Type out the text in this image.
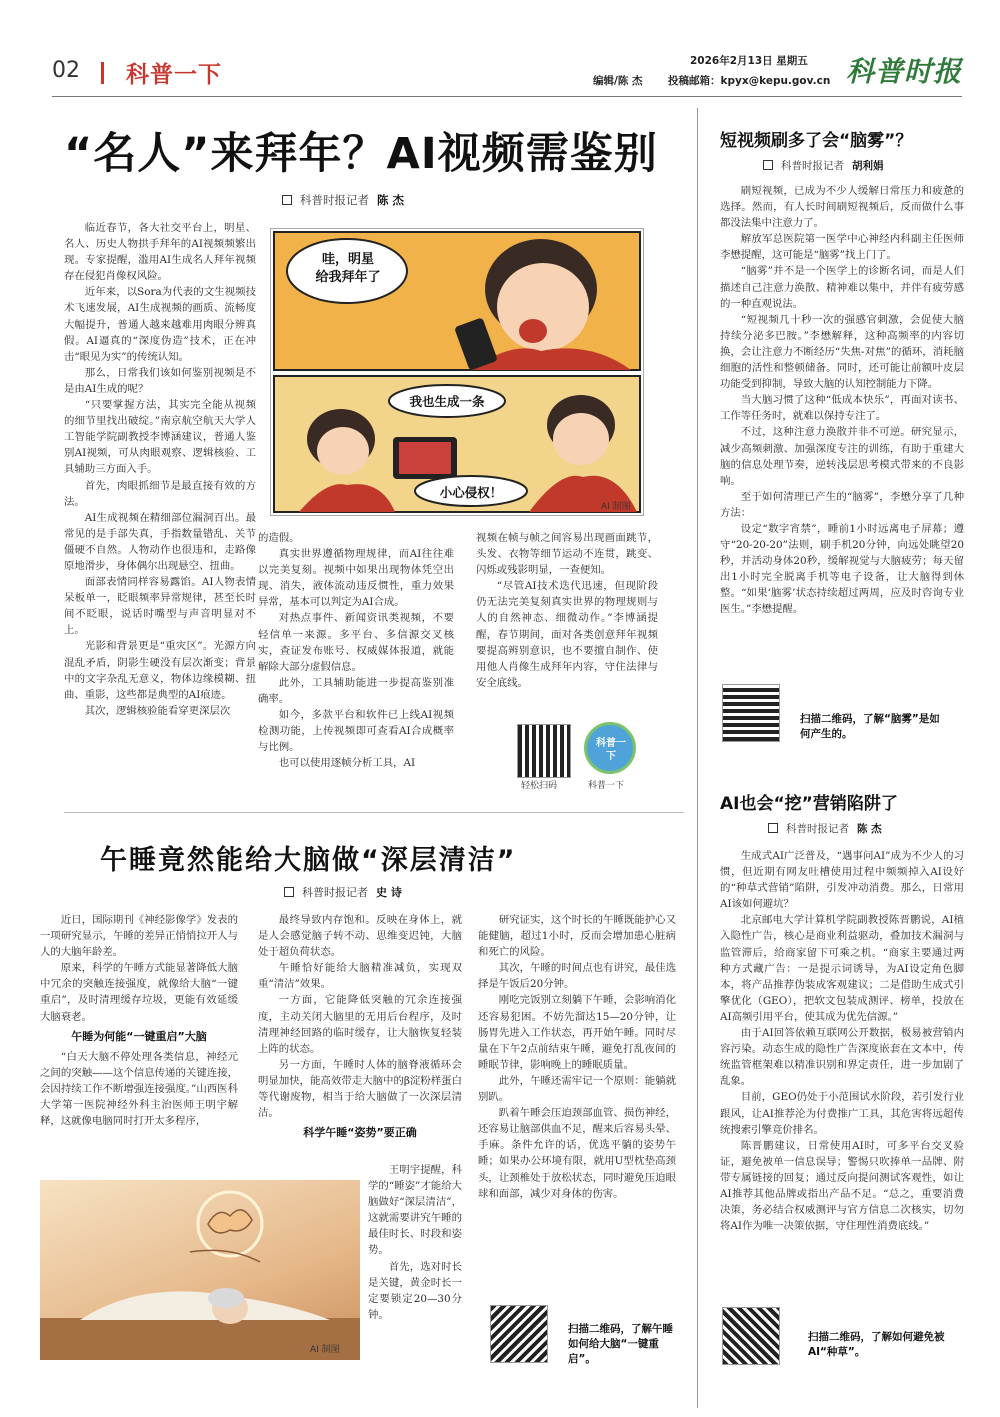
02 科普一下
2026年2月13日 星期五
编辑/陈 杰 投稿邮箱：kpyx@kepu.gov.cn 科普时报
“名人”来拜年？AI视频需鉴别
科普时报记者 陈 杰
哇，明星
给我拜年了
我也生成一条
小心侵权！
AI 制图

临近春节，各大社交平台上，明星、名人、历史人物拱手拜年的AI视频频繁出现。专家提醒，滥用AI生成名人拜年视频存在侵犯肖像权风险。

近年来，以Sora为代表的文生视频技术飞速发展，AI生成视频的画质、流畅度大幅提升，普通人越来越难用肉眼分辨真假。AI逼真的“深度伪造”技术，正在冲击“眼见为实”的传统认知。

那么，日常我们该如何鉴别视频是不是由AI生成的呢？

“只要掌握方法，其实完全能从视频的细节里找出破绽。”南京航空航天大学人工智能学院副教授李博涵建议，普通人鉴别AI视频，可从肉眼观察、逻辑核验、工具辅助三方面入手。

首先，肉眼抓细节是最直接有效的方法。

AI生成视频在精细部位漏洞百出。最常见的是手部失真，手指数量错乱、关节僵硬不自然。人物动作也很违和，走路像原地滑步，身体偶尔出现悬空、扭曲。

面部表情同样容易露馅。AI人物表情呆板单一，眨眼频率异常规律，甚至长时间不眨眼，说话时嘴型与声音明显对不上。

光影和背景更是“重灾区”。光源方向混乱矛盾，阴影生硬没有层次渐变；背景中的文字杂乱无意义，物体边缘模糊、扭曲、重影，这些都是典型的AI痕迹。

其次，逻辑核验能看穿更深层次

的造假。

真实世界遵循物理规律，而AI往往难以完美复刻。视频中如果出现物体凭空出现、消失，液体流动违反惯性，重力效果异常，基本可以判定为AI合成。

对热点事件、新闻资讯类视频，不要轻信单一来源。多平台、多信源交叉核实，查证发布账号、权威媒体报道，就能解除大部分虚假信息。

此外，工具辅助能进一步提高鉴别准确率。

如今，多款平台和软件已上线AI视频检测功能，上传视频即可查看AI合成概率与比例。

也可以使用逐帧分析工具，AI

视频在帧与帧之间容易出现画面跳节，头发、衣物等细节运动不连贯，跳变、闪烁或残影明显，一查便知。

“尽管AI技术迭代迅速，但现阶段仍无法完美复刻真实世界的物理规则与人的自然神态、细微动作。”李博涵提醒，春节期间，面对各类创意拜年视频要提高辨别意识，也不要擅自制作、使用他人肖像生成拜年内容，守住法律与安全底线。

轻松扫码
科普一下
科普一下
短视频刷多了会“脑雾”？
科普时报记者 胡利娟

刷短视频，已成为不少人缓解日常压力和疲惫的选择。然而，有人长时间刷短视频后，反而做什么事都没法集中注意力了。

解放军总医院第一医学中心神经内科副主任医师李懋提醒，这可能是“脑雾”找上门了。

“脑雾”并不是一个医学上的诊断名词，而是人们描述自己注意力涣散、精神难以集中，并伴有疲劳感的一种直观说法。

“短视频几十秒一次的强感官刺激，会促使大脑持续分泌多巴胺。”李懋解释，这种高频率的内容切换，会让注意力不断经历“失焦-对焦”的循环，消耗脑细胞的活性和整顿储备。同时，还可能让前额叶皮层功能受到抑制，导致大脑的认知控制能力下降。

当大脑习惯了这种“低成本快乐”，再面对读书、工作等任务时，就难以保持专注了。

不过，这种注意力涣散并非不可逆。研究显示，减少高频刺激、加强深度专注的训练，有助于重建大脑的信息处理节奏，逆转浅层思考模式带来的不良影响。

至于如何清理已产生的“脑雾”，李懋分享了几种方法：

设定“数字宵禁”，睡前1小时远离电子屏幕；遵守“20-20-20”法则，刷手机20分钟，向远处眺望20秒，并活动身体20秒，缓解视觉与大脑疲劳；每天留出1小时完全脱离手机等电子设备，让大脑得到休整。“如果‘脑雾’状态持续超过两周，应及时咨询专业医生。”李懋提醒。

扫描二维码，了解“脑雾”是如何产生的。
AI也会“挖”营销陷阱了
科普时报记者 陈 杰

生成式AI广泛普及，“遇事问AI”成为不少人的习惯，但近期有网友吐槽使用过程中频频掉入AI设好的“种草式营销”陷阱，引发冲动消费。那么，日常用AI该如何避坑？

北京邮电大学计算机学院副教授陈晋鹏说，AI植入隐性广告，核心是商业利益驱动，叠加技术漏洞与监管滞后，给商家留下可乘之机。“商家主要通过两种方式藏广告：一是提示词诱导，为AI设定角色脚本，将产品推荐伪装成客观建议；二是借助生成式引擎优化（GEO），把软文包装成测评、榜单，投放在AI高频引用平台，使其成为优先信源。”

由于AI回答依赖互联网公开数据，极易被营销内容污染。动态生成的隐性广告深度嵌套在文本中，传统监管框架难以精准识别和界定责任，进一步加剧了乱象。

目前，GEO仍处于小范围试水阶段，若引发行业跟风，让AI推荐沦为付费推广工具，其危害将远超传统搜索引擎竞价排名。

陈晋鹏建议，日常使用AI时，可多平台交叉验证，避免被单一信息误导；警惕只吹捧单一品牌、附带专属链接的回复；通过反向提问测试客观性，如让AI推荐其他品牌或指出产品不足。“总之，重要消费决策，务必结合权威测评与官方信息二次核实，切勿将AI作为唯一决策依据，守住理性消费底线。”

扫描二维码，了解如何避免被AI“种草”。
午睡竟然能给大脑做“深层清洁”
科普时报记者 史 诗

近日，国际期刊《神经影像学》发表的一项研究显示，午睡的差异正悄悄拉开人与人的大脑年龄差。

原来，科学的午睡方式能显著降低大脑中冗余的突触连接强度，就像给大脑“一键重启”，及时清理缓存垃圾，更能有效延缓大脑衰老。

午睡为何能“一键重启”大脑

“白天大脑不停处理各类信息，神经元之间的突触——这个信息传递的关键连接，会因持续工作不断增强连接强度。”山西医科大学第一医院神经外科主治医师王明宇解释，这就像电脑同时打开太多程序，

最终导致内存饱和。反映在身体上，就是人会感觉脑子转不动、思维变迟钝，大脑处于超负荷状态。

午睡恰好能给大脑精准减负，实现双重“清洁”效果。

一方面，它能降低突触的冗余连接强度，主动关闭大脑里的无用后台程序，及时清理神经回路的临时缓存，让大脑恢复轻装上阵的状态。

另一方面，午睡时人体的脑脊液循环会明显加快，能高效带走大脑中的β淀粉样蛋白等代谢废物，相当于给大脑做了一次深层清洁。

科学午睡“姿势”要正确

王明宇提醒，科学的“睡姿”才能给大脑做好“深层清洁”，这就需要讲究午睡的最佳时长、时段和姿势。

首先，选对时长是关键，黄金时长一定要锁定20—30分钟。

AI 制图

研究证实，这个时长的午睡既能护心又能健脑，超过1小时，反而会增加患心脏病和死亡的风险。

其次，午睡的时间点也有讲究，最佳选择是午饭后20分钟。

刚吃完饭别立刻躺下午睡，会影响消化还容易犯困。不妨先溜达15—20分钟，让肠胃先进入工作状态，再开始午睡。同时尽量在下午2点前结束午睡，避免打乱夜间的睡眠节律，影响晚上的睡眠质量。

此外，午睡还需牢记一个原则：能躺就别趴。

趴着午睡会压迫颈部血管、损伤神经，还容易让脑部供血不足，醒来后容易头晕、手麻。条件允许的话，优选平躺的姿势午睡；如果办公环境有限，就用U型枕垫高颈头，让颈椎处于放松状态，同时避免压迫眼球和面部，减少对身体的伤害。

扫描二维码，了解午睡如何给大脑“一键重启”。
